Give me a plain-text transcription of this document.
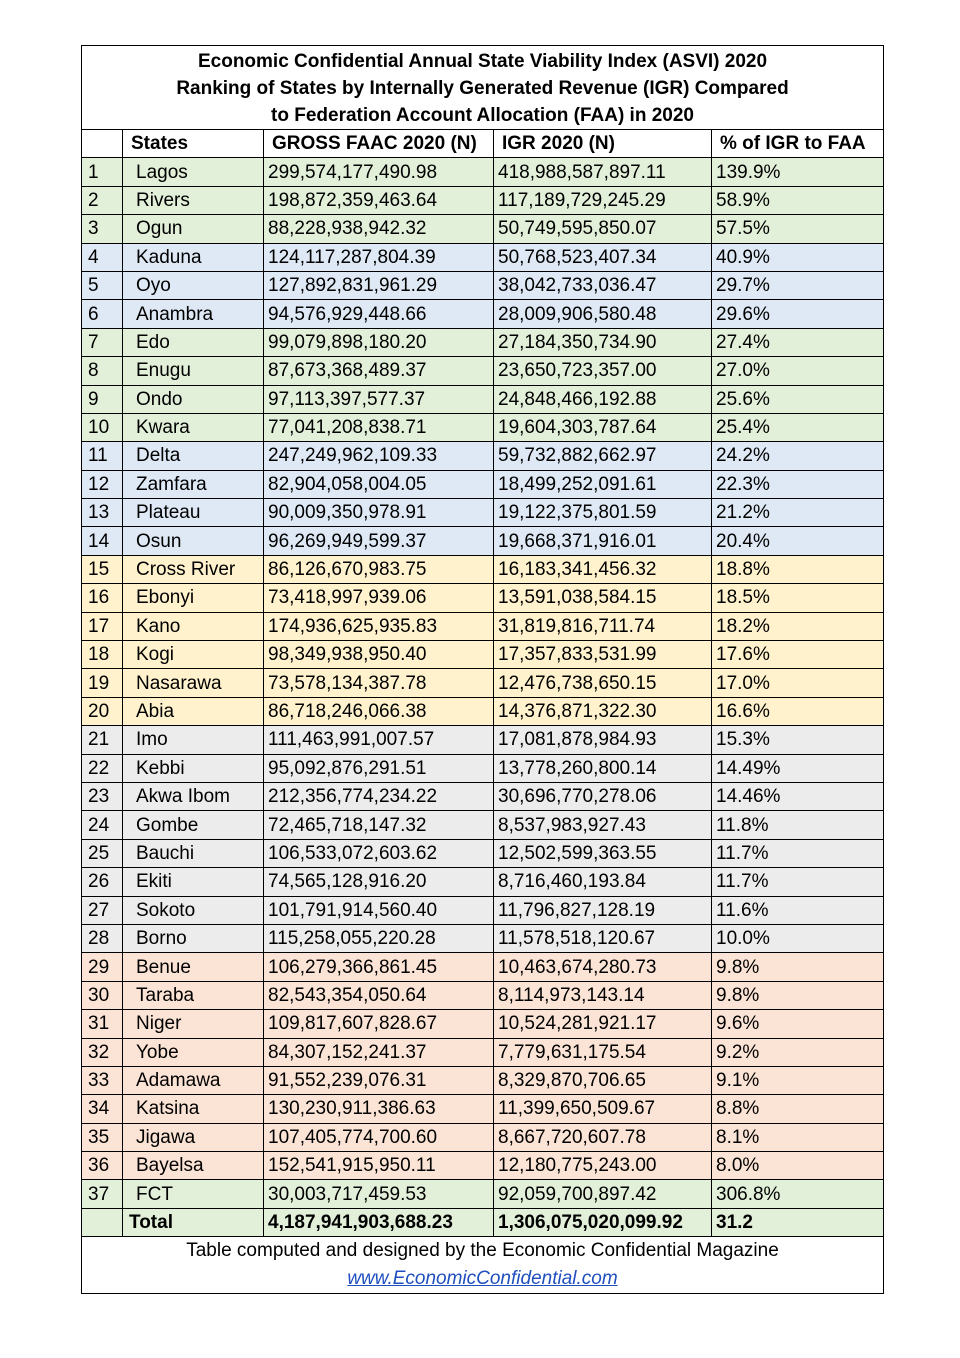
Economic Confidential Annual State Viability Index (ASVI) 2020
Ranking of States by Internally Generated Revenue (IGR) Compared
to Federation Account Allocation (FAA) in 2020				

	States	GROSS FAAC 2020 (N)	IGR 2020 (N)	% of IGR to FAA
1	Lagos	299,574,177,490.98	418,988,587,897.11	139.9%
2	Rivers	198,872,359,463.64	117,189,729,245.29	58.9%
3	Ogun	88,228,938,942.32	50,749,595,850.07	57.5%
4	Kaduna	124,117,287,804.39	50,768,523,407.34	40.9%
5	Oyo	127,892,831,961.29	38,042,733,036.47	29.7%
6	Anambra	94,576,929,448.66	28,009,906,580.48	29.6%
7	Edo	99,079,898,180.20	27,184,350,734.90	27.4%
8	Enugu	87,673,368,489.37	23,650,723,357.00	27.0%
9	Ondo	97,113,397,577.37	24,848,466,192.88	25.6%
10	Kwara	77,041,208,838.71	19,604,303,787.64	25.4%
11	Delta	247,249,962,109.33	59,732,882,662.97	24.2%
12	Zamfara	82,904,058,004.05	18,499,252,091.61	22.3%
13	Plateau	90,009,350,978.91	19,122,375,801.59	21.2%
14	Osun	96,269,949,599.37	19,668,371,916.01	20.4%
15	Cross River	86,126,670,983.75	16,183,341,456.32	18.8%
16	Ebonyi	73,418,997,939.06	13,591,038,584.15	18.5%
17	Kano	174,936,625,935.83	31,819,816,711.74	18.2%
18	Kogi	98,349,938,950.40	17,357,833,531.99	17.6%
19	Nasarawa	73,578,134,387.78	12,476,738,650.15	17.0%
20	Abia	86,718,246,066.38	14,376,871,322.30	16.6%
21	Imo	111,463,991,007.57	17,081,878,984.93	15.3%
22	Kebbi	95,092,876,291.51	13,778,260,800.14	14.49%
23	Akwa Ibom	212,356,774,234.22	30,696,770,278.06	14.46%
24	Gombe	72,465,718,147.32	8,537,983,927.43	11.8%
25	Bauchi	106,533,072,603.62	12,502,599,363.55	11.7%
26	Ekiti	74,565,128,916.20	8,716,460,193.84	11.7%
27	Sokoto	101,791,914,560.40	11,796,827,128.19	11.6%
28	Borno	115,258,055,220.28	11,578,518,120.67	10.0%
29	Benue	106,279,366,861.45	10,463,674,280.73	9.8%
30	Taraba	82,543,354,050.64	8,114,973,143.14	9.8%
31	Niger	109,817,607,828.67	10,524,281,921.17	9.6%
32	Yobe	84,307,152,241.37	7,779,631,175.54	9.2%
33	Adamawa	91,552,239,076.31	8,329,870,706.65	9.1%
34	Katsina	130,230,911,386.63	11,399,650,509.67	8.8%
35	Jigawa	107,405,774,700.60	8,667,720,607.78	8.1%
36	Bayelsa	152,541,915,950.11	12,180,775,243.00	8.0%
37	FCT	30,003,717,459.53	92,059,700,897.42	306.8%
	Total	4,187,941,903,688.23	1,306,075,020,099.92	31.2

Table computed and designed by the Economic Confidential Magazine
www.EconomicConfidential.com				
